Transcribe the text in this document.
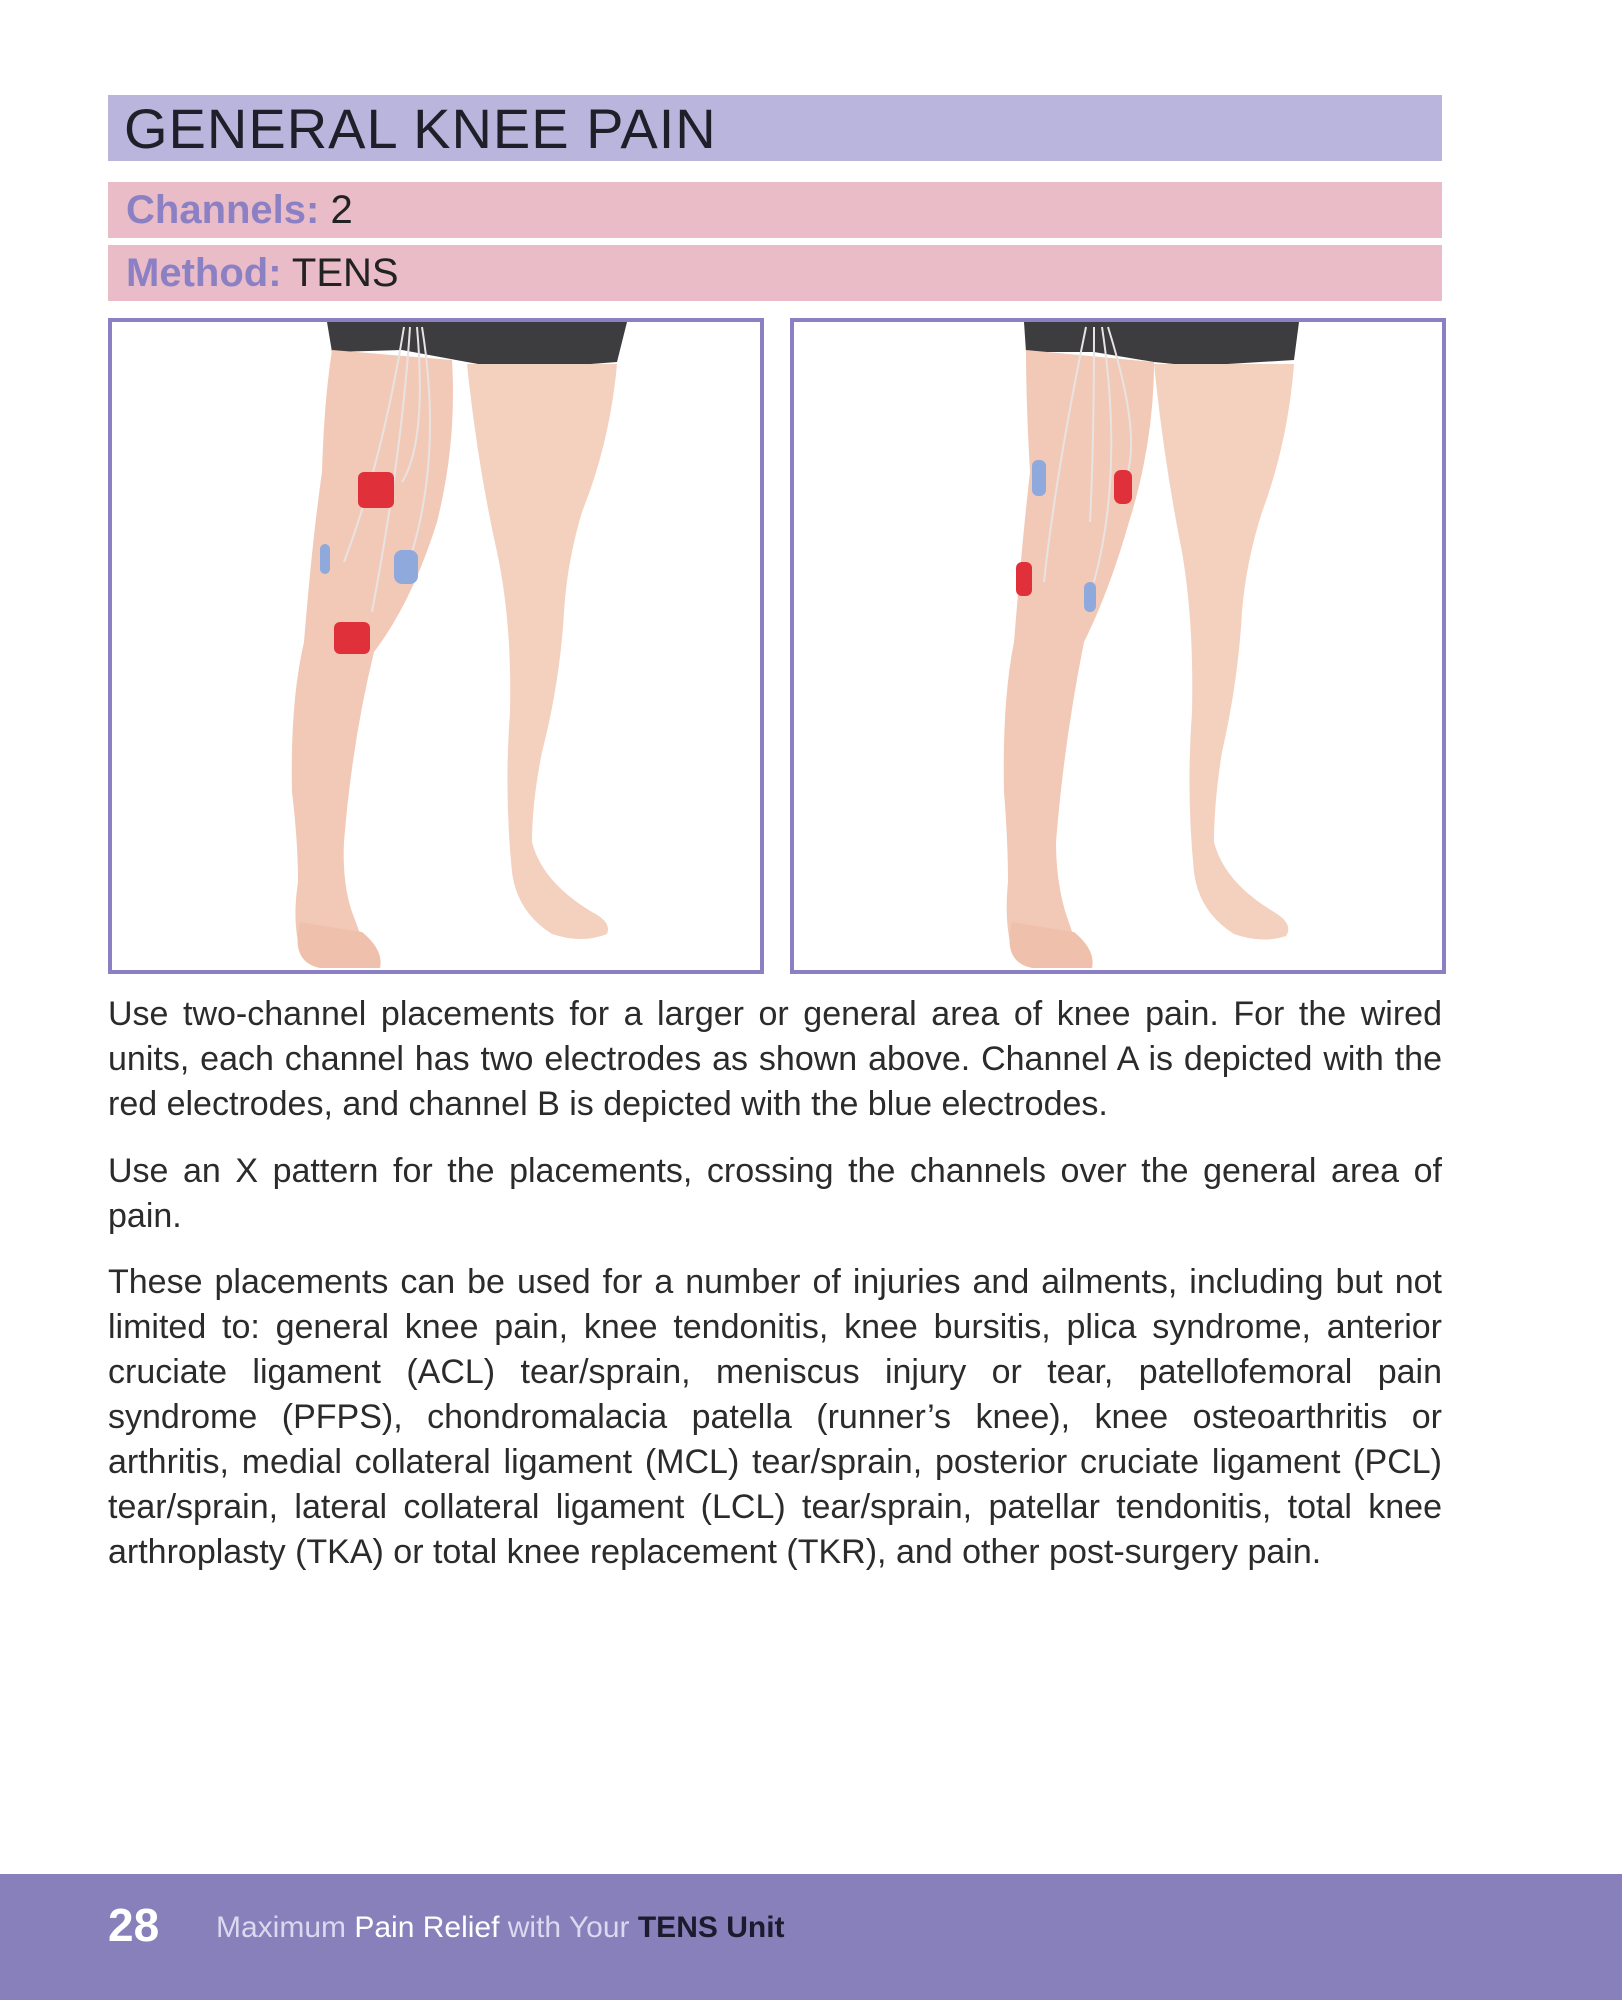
GENERAL KNEE PAIN
Channels: 2
Method: TENS

Use two-channel placements for a larger or general area of knee pain. For the wired units, each channel has two electrodes as shown above. Channel A is depicted with the red electrodes, and channel B is depicted with the blue electrodes.

Use an X pattern for the placements, crossing the channels over the general area of pain.

These placements can be used for a number of injuries and ailments, including but not limited to: general knee pain, knee tendonitis, knee bursitis, plica syndrome, anterior cruciate ligament (ACL) tear/sprain, meniscus injury or tear, patellofemoral pain syndrome (PFPS), chondromalacia patella (runner’s knee), knee osteoarthritis or arthritis, medial collateral ligament (MCL) tear/sprain, posterior cruciate ligament (PCL) tear/sprain, lateral collateral ligament (LCL) tear/sprain, patellar tendonitis, total knee arthroplasty (TKA) or total knee replacement (TKR), and other post-surgery pain.

28 Maximum Pain Relief with Your TENS Unit
